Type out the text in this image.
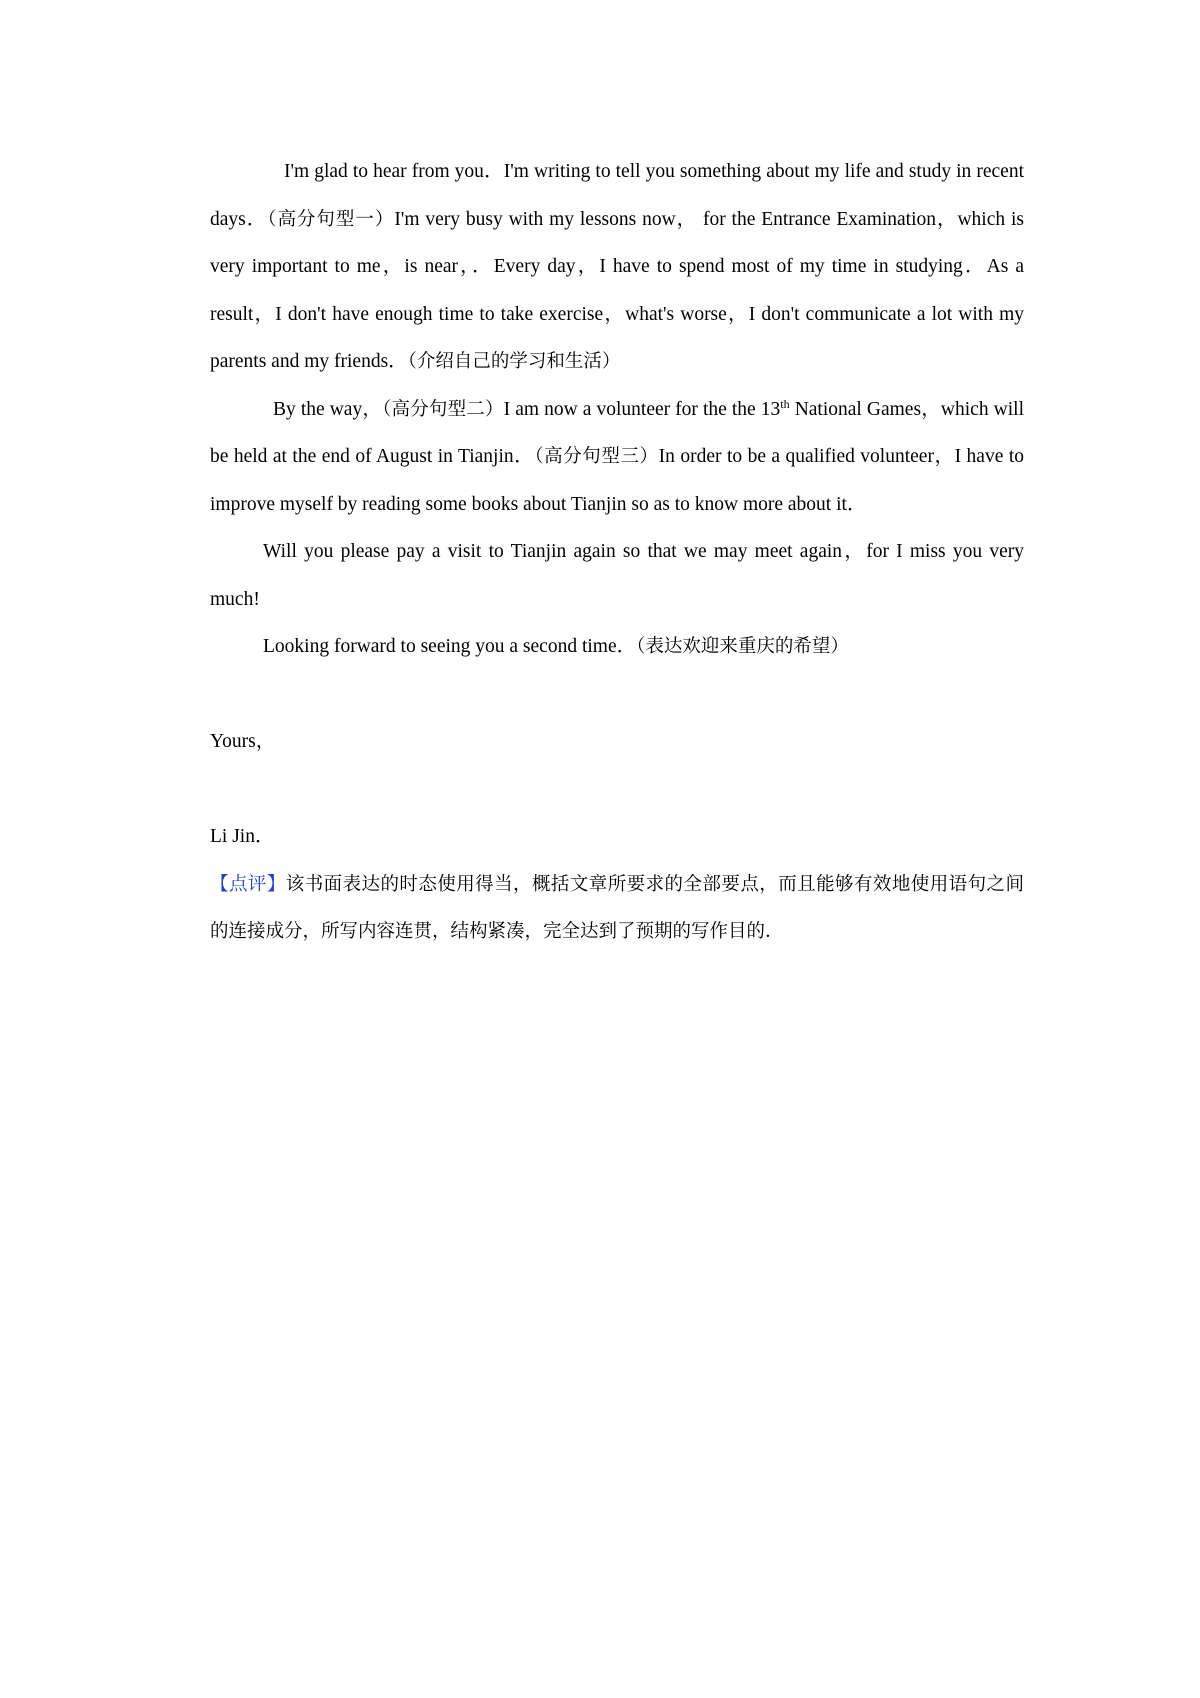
I'm glad to hear from you．I'm writing to tell you something about my life and study in recent days．（高分句型一）I'm very busy with my lessons now， for the Entrance Examination，which is very important to me，is near，．Every day，I have to spend most of my time in studying．As a result，I don't have enough time to take exercise，what's worse，I don't communicate a lot with my parents and my friends．（介绍自己的学习和生活）

By the way，（高分句型二）I am now a volunteer for the the 13th National Games，which will be held at the end of August in Tianjin．（高分句型三）In order to be a qualified volunteer，I have to improve myself by reading some books about Tianjin so as to know more about it．

Will you please pay a visit to Tianjin again so that we may meet again，for I miss you very much!

Looking forward to seeing you a second time．（表达欢迎来重庆的希望）

Yours，

Li Jin．

【点评】该书面表达的时态使用得当，概括文章所要求的全部要点，而且能够有效地使用语句之间的连接成分，所写内容连贯，结构紧凑，完全达到了预期的写作目的．
